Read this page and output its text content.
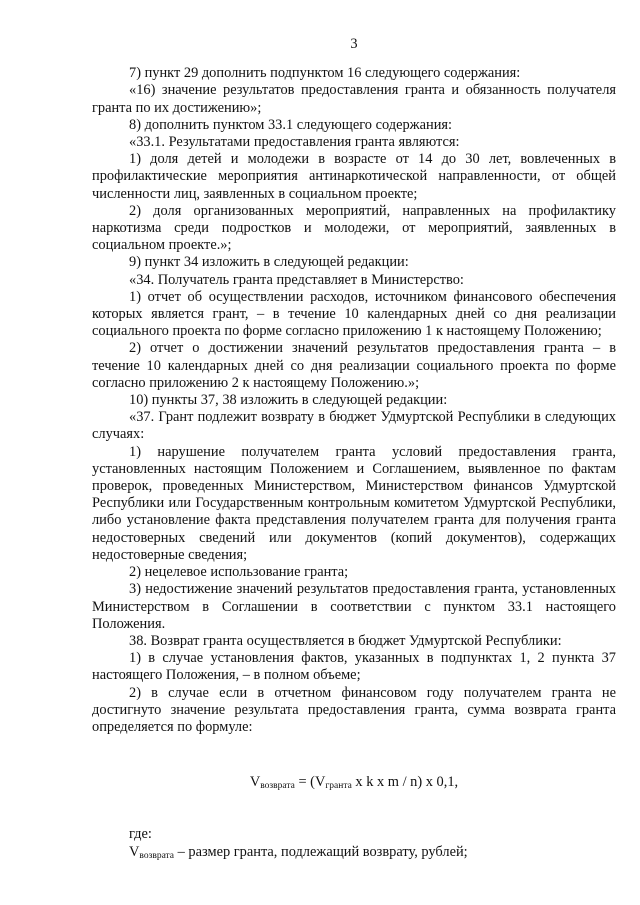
3

7) пункт 29 дополнить подпунктом 16 следующего содержания:

«16) значение результатов предоставления гранта и обязанность получателя гранта по их достижению»;

8) дополнить пунктом 33.1 следующего содержания:

«33.1. Результатами предоставления гранта являются:

1) доля детей и молодежи в возрасте от 14 до 30 лет, вовлеченных в профилактические мероприятия антинаркотической направленности, от общей численности лиц, заявленных в социальном проекте;

2) доля организованных мероприятий, направленных на профилактику наркотизма среди подростков и молодежи, от мероприятий, заявленных в социальном проекте.»;

9) пункт 34 изложить в следующей редакции:

«34. Получатель гранта представляет в Министерство:

1) отчет об осуществлении расходов, источником финансового обеспечения которых является грант, – в течение 10 календарных дней со дня реализации социального проекта по форме согласно приложению 1 к настоящему Положению;

2) отчет о достижении значений результатов предоставления гранта – в течение 10 календарных дней со дня реализации социального проекта по форме согласно приложению 2 к настоящему Положению.»;

10) пункты 37, 38 изложить в следующей редакции:

«37. Грант подлежит возврату в бюджет Удмуртской Республики в следующих случаях:

1) нарушение получателем гранта условий предоставления гранта, установленных настоящим Положением и Соглашением, выявленное по фактам проверок, проведенных Министерством, Министерством финансов Удмуртской Республики или Государственным контрольным комитетом Удмуртской Республики, либо установление факта представления получателем гранта для получения гранта недостоверных сведений или документов (копий документов), содержащих недостоверные сведения;

2) нецелевое использование гранта;

3) недостижение значений результатов предоставления гранта, установленных Министерством в Соглашении в соответствии с пунктом 33.1 настоящего Положения.

38. Возврат гранта осуществляется в бюджет Удмуртской Республики:

1) в случае установления фактов, указанных в подпунктах 1, 2 пункта 37 настоящего Положения, – в полном объеме;

2) в случае если в отчетном финансовом году получателем гранта не достигнуто значение результата предоставления гранта, сумма возврата гранта определяется по формуле:

Vвозврата = (Vгранта x k x m / n) x 0,1,

где:

Vвозврата – размер гранта, подлежащий возврату, рублей;
